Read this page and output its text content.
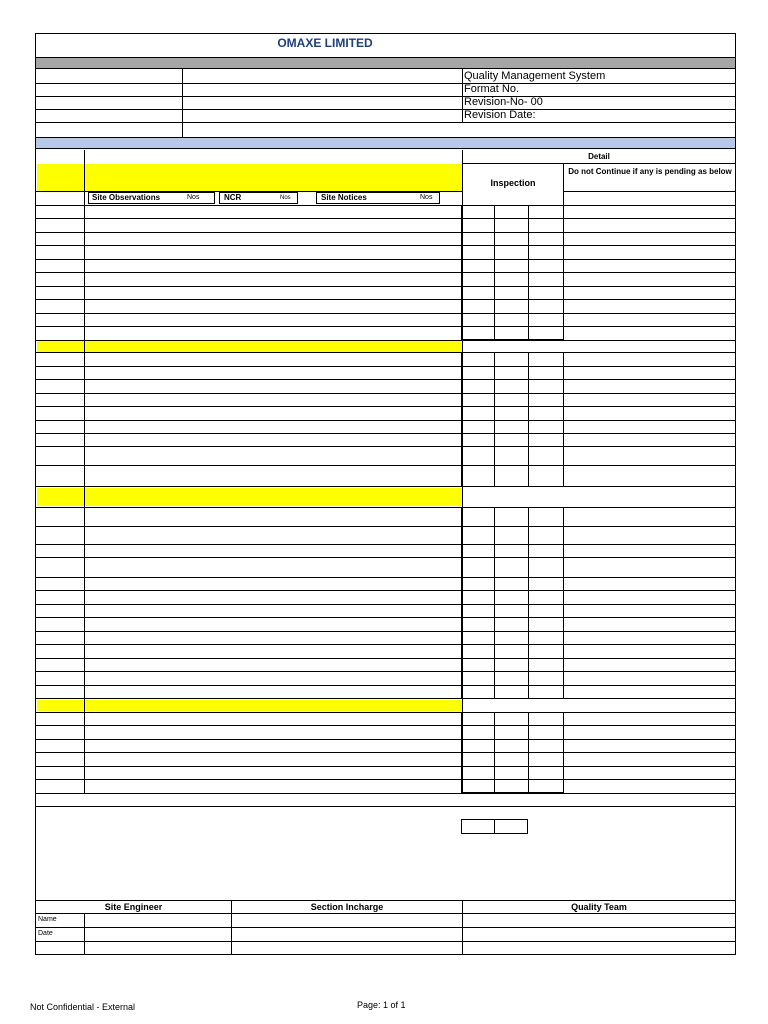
OMAXE LIMITED
Quality Management System
Format No.
Revision-No- 00
Revision Date:
Detail
Inspection
Do not Continue if any is pending as below
Site Observations	Nos	NCR	Nos	Site Notices	Nos
Site Engineer	Section Incharge	Quality Team
Name
Date
Not Confidential - External	Page: 1 of 1
